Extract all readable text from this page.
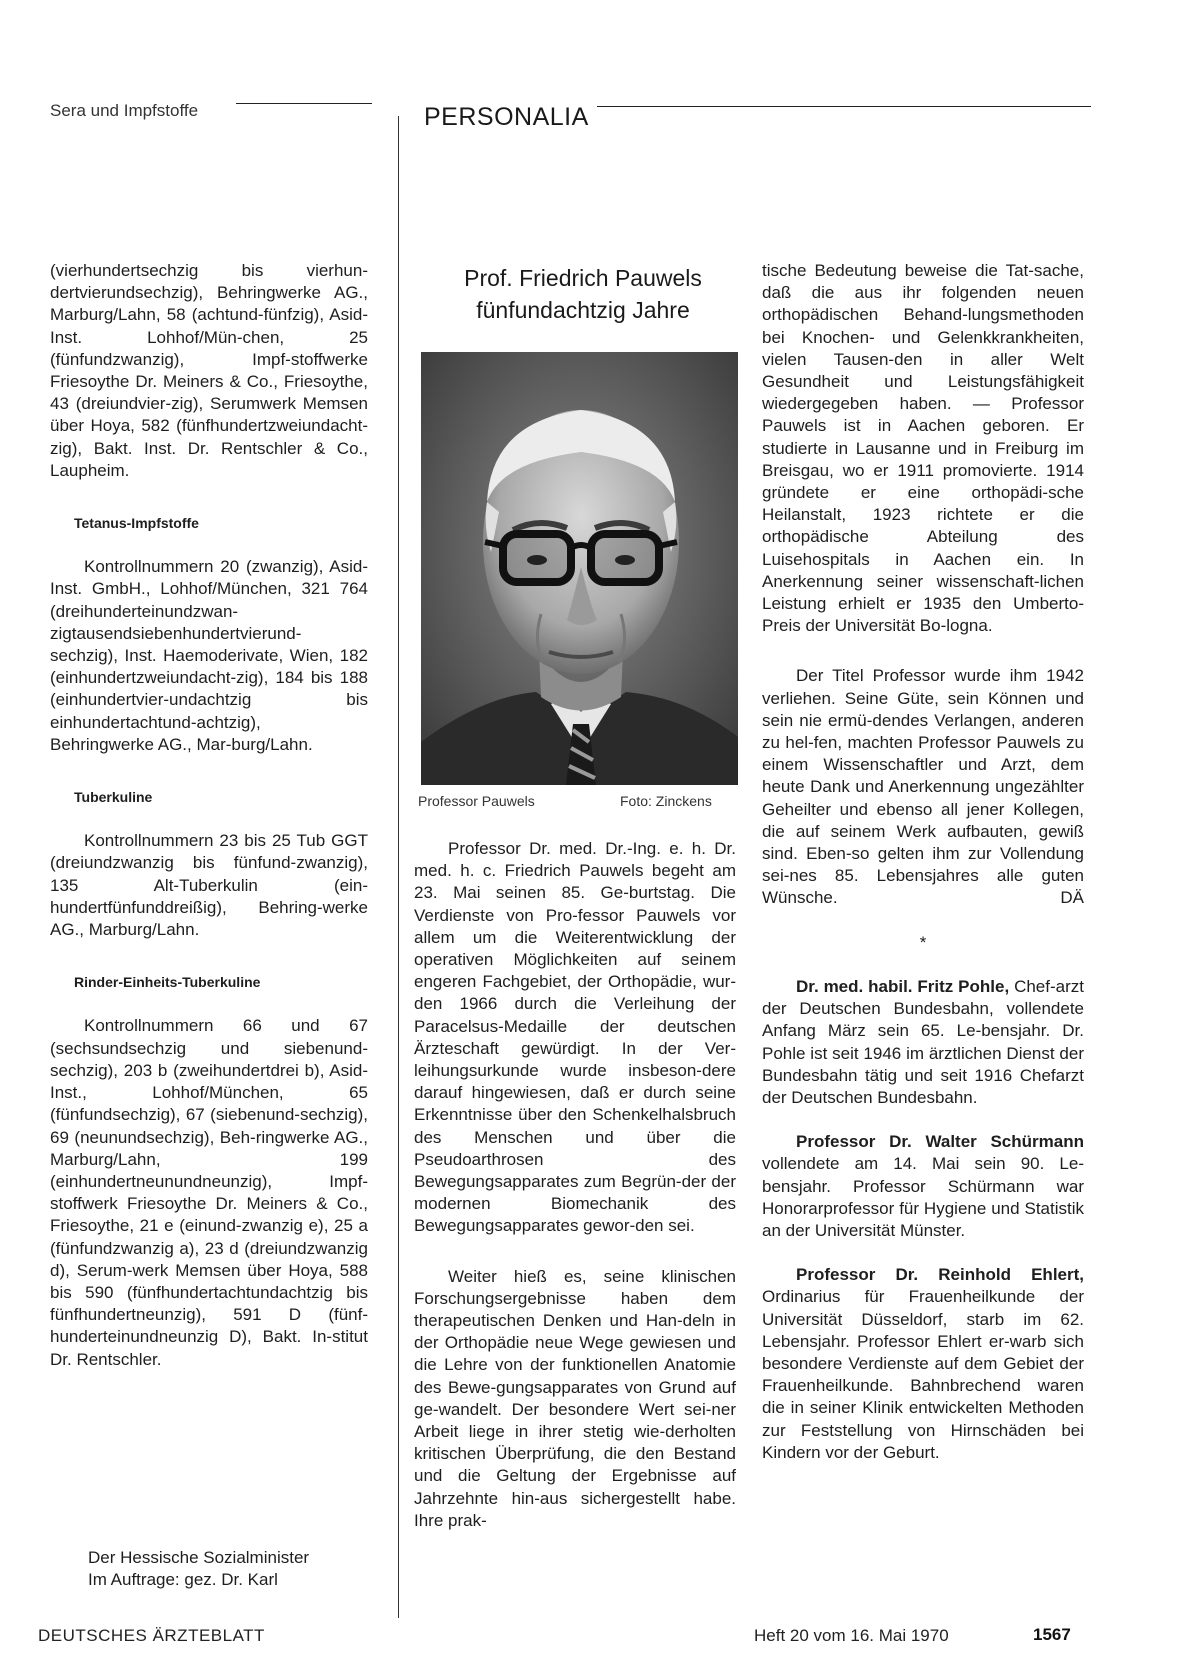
Sera und Impfstoffe	PERSONALIA

(vierhundertsechzig bis vierhun-dertvierundsechzig), Behringwerke AG., Marburg/Lahn, 58 (achtund-fünfzig), Asid-Inst. Lohhof/Mün-chen, 25 (fünfundzwanzig), Impf-stoffwerke Friesoythe Dr. Meiners & Co., Friesoythe, 43 (dreiundvier-zig), Serumwerk Memsen über Hoya, 582 (fünfhundertzweiundacht-zig), Bakt. Inst. Dr. Rentschler & Co., Laupheim.

Tetanus-Impfstoffe

Kontrollnummern 20 (zwanzig), Asid-Inst. GmbH., Lohhof/München, 321 764 (dreihunderteinundzwan-zigtausendsiebenhundertvierund-sechzig), Inst. Haemoderivate, Wien, 182 (einhundertzweiundacht-zig), 184 bis 188 (einhundertvier-undachtzig bis einhundertachtund-achtzig), Behringwerke AG., Mar-burg/Lahn.

Tuberkuline

Kontrollnummern 23 bis 25 Tub GGT (dreiundzwanzig bis fünfund-zwanzig), 135 Alt-Tuberkulin (ein-hundertfünfunddreißig), Behring-werke AG., Marburg/Lahn.

Rinder-Einheits-Tuberkuline

Kontrollnummern 66 und 67 (sechsundsechzig und siebenund-sechzig), 203 b (zweihundertdrei b), Asid-Inst., Lohhof/München, 65 (fünfundsechzig), 67 (siebenund-sechzig), 69 (neunundsechzig), Beh-ringwerke AG., Marburg/Lahn, 199 (einhundertneunundneunzig), Impf-stoffwerk Friesoythe Dr. Meiners & Co., Friesoythe, 21 e (einund-zwanzig e), 25 a (fünfundzwanzig a), 23 d (dreiundzwanzig d), Serum-werk Memsen über Hoya, 588 bis 590 (fünfhundertachtundachtzig bis fünfhundertneunzig), 591 D (fünf-hunderteinundneunzig D), Bakt. In-stitut Dr. Rentschler.

Der Hessische Sozialminister

Im Auftrage: gez. Dr. Karl

Prof. Friedrich Pauwels
fünfundachtzig Jahre
Professor Pauwels	Foto: Zinckens

Professor Dr. med. Dr.-Ing. e. h. Dr. med. h. c. Friedrich Pauwels begeht am 23. Mai seinen 85. Ge-burtstag. Die Verdienste von Pro-fessor Pauwels vor allem um die Weiterentwicklung der operativen Möglichkeiten auf seinem engeren Fachgebiet, der Orthopädie, wur-den 1966 durch die Verleihung der Paracelsus-Medaille der deutschen Ärzteschaft gewürdigt. In der Ver-leihungsurkunde wurde insbeson-dere darauf hingewiesen, daß er durch seine Erkenntnisse über den Schenkelhalsbruch des Menschen und über die Pseudoarthrosen des Bewegungsapparates zum Begrün-der der modernen Biomechanik des Bewegungsapparates gewor-den sei.

Weiter hieß es, seine klinischen Forschungsergebnisse haben dem therapeutischen Denken und Han-deln in der Orthopädie neue Wege gewiesen und die Lehre von der funktionellen Anatomie des Bewe-gungsapparates von Grund auf ge-wandelt. Der besondere Wert sei-ner Arbeit liege in ihrer stetig wie-derholten kritischen Überprüfung, die den Bestand und die Geltung der Ergebnisse auf Jahrzehnte hin-aus sichergestellt habe. Ihre prak-

tische Bedeutung beweise die Tat-sache, daß die aus ihr folgenden neuen orthopädischen Behand-lungsmethoden bei Knochen- und Gelenkkrankheiten, vielen Tausen-den in aller Welt Gesundheit und Leistungsfähigkeit wiedergegeben haben. — Professor Pauwels ist in Aachen geboren. Er studierte in Lausanne und in Freiburg im Breisgau, wo er 1911 promovierte. 1914 gründete er eine orthopädi-sche Heilanstalt, 1923 richtete er die orthopädische Abteilung des Luisehospitals in Aachen ein. In Anerkennung seiner wissenschaft-lichen Leistung erhielt er 1935 den Umberto-Preis der Universität Bo-logna.

Der Titel Professor wurde ihm 1942 verliehen. Seine Güte, sein Können und sein nie ermü-dendes Verlangen, anderen zu hel-fen, machten Professor Pauwels zu einem Wissenschaftler und Arzt, dem heute Dank und Anerkennung ungezählter Geheilter und ebenso all jener Kollegen, die auf seinem Werk aufbauten, gewiß sind. Eben-so gelten ihm zur Vollendung sei-nes 85. Lebensjahres alle guten Wünsche.	DÄ

*

Dr. med. habil. Fritz Pohle, Chef-arzt der Deutschen Bundesbahn, vollendete Anfang März sein 65. Le-bensjahr. Dr. Pohle ist seit 1946 im ärztlichen Dienst der Bundesbahn tätig und seit 1916 Chefarzt der Deutschen Bundesbahn.

Professor Dr. Walter Schürmann vollendete am 14. Mai sein 90. Le-bensjahr. Professor Schürmann war Honorarprofessor für Hygiene und Statistik an der Universität Münster.

Professor Dr. Reinhold Ehlert, Ordinarius für Frauenheilkunde der Universität Düsseldorf, starb im 62. Lebensjahr. Professor Ehlert er-warb sich besondere Verdienste auf dem Gebiet der Frauenheilkunde. Bahnbrechend waren die in seiner Klinik entwickelten Methoden zur Feststellung von Hirnschäden bei Kindern vor der Geburt.

DEUTSCHES ÄRZTEBLATT	Heft 20 vom 16. Mai 1970	1567
